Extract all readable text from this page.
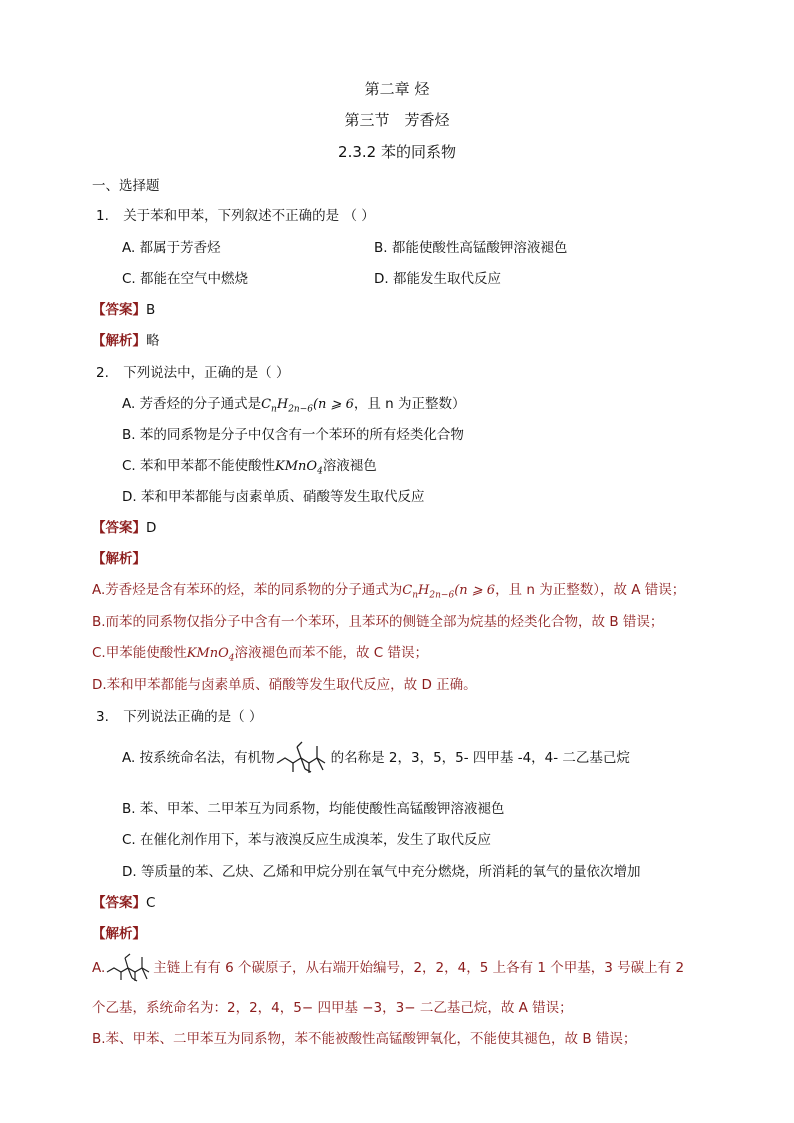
第二章 烃
第三节　芳香烃
2.3.2 苯的同系物
一、选择题
1. 关于苯和甲苯，下列叙述不正确的是 （ ）
A. 都属于芳香烃	B. 都能使酸性高锰酸钾溶液褪色
C. 都能在空气中燃烧	D. 都能发生取代反应
【答案】B
【解析】略
2. 下列说法中，正确的是（ ）
A. 芳香烃的分子通式是$C_nH_{2n-6}(n$ ⩾ 6，且 n 为正整数）
B. 苯的同系物是分子中仅含有一个苯环的所有烃类化合物
C. 苯和甲苯都不能使酸性KMnO$_4$溶液褪色
D. 苯和甲苯都能与卤素单质、硝酸等发生取代反应
【答案】D
【解析】
A.芳香烃是含有苯环的烃，苯的同系物的分子通式为$C_nH_{2n-6}(n$ ⩾ 6，且 n 为正整数），故 A 错误；
B.而苯的同系物仅指分子中含有一个苯环，且苯环的侧链全部为烷基的烃类化合物，故 B 错误；
C.甲苯能使酸性KMnO$_4$溶液褪色而苯不能，故 C 错误；
D.苯和甲苯都能与卤素单质、硝酸等发生取代反应，故 D 正确。
3. 下列说法正确的是（ ）
A. 按系统命名法，有机物	的名称是 2，3，5，5- 四甲基 -4，4- 二乙基己烷
B. 苯、甲苯、二甲苯互为同系物，均能使酸性高锰酸钾溶液褪色
C. 在催化剂作用下，苯与液溴反应生成溴苯，发生了取代反应
D. 等质量的苯、乙炔、乙烯和甲烷分别在氧气中充分燃烧，所消耗的氧气的量依次增加
【答案】C
【解析】
A.	主链上有有 6 个碳原子，从右端开始编号，2，2，4，5 上各有 1 个甲基，3 号碳上有 2
个乙基，系统命名为：2，2，4，5− 四甲基 −3，3− 二乙基己烷，故 A 错误；
B.苯、甲苯、二甲苯互为同系物，苯不能被酸性高锰酸钾氧化，不能使其褪色，故 B 错误；
